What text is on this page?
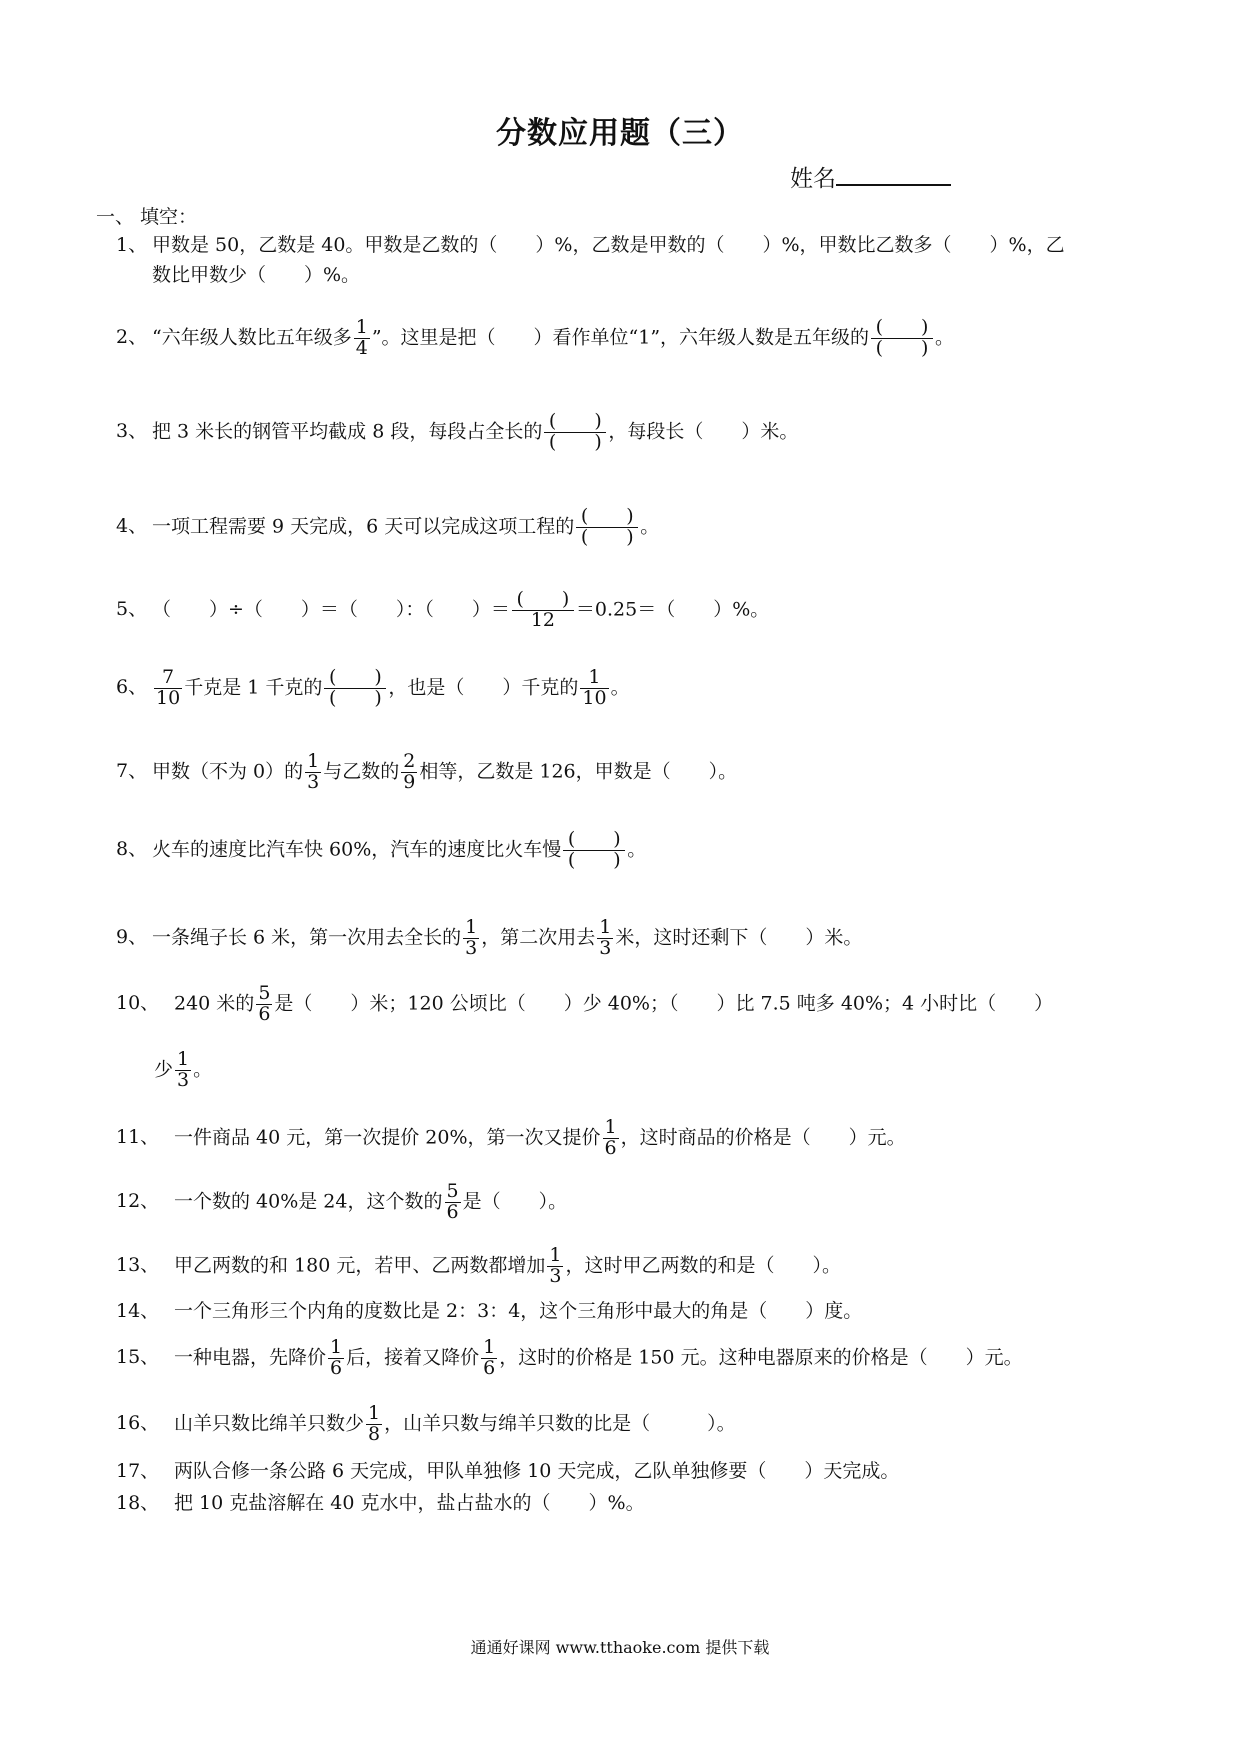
分数应用题（三）
姓名
一、 填空：
1、 甲数是 50，乙数是 40。甲数是乙数的（　　）%，乙数是甲数的（　　）%，甲数比乙数多（　　）%，乙
数比甲数少（　　）%。
2、 “六年级人数比五年级多 $\frac{1}{4}$ ”。这里是把（　　）看作单位“1”，六年级人数是五年级的 $\frac{( )}{( )}$ 。
3、 把 3 米长的钢管平均截成 8 段，每段占全长的 $\frac{( )}{( )}$ ，每段长（　　）米。
4、 一项工程需要 9 天完成，6 天可以完成这项工程的 $\frac{( )}{( )}$ 。
5、 （　　）÷（　　）＝（　　）：（　　）＝ $\frac{( )}{12} =0.25=$（　　）%。
6、 $\frac{7}{10}$ 千克是 1 千克的 $\frac{( )}{( )}$ ，也是（　　）千克的 $\frac{1}{10}$ 。
7、 甲数（不为 0）的 $\frac{1}{3}$ 与乙数的 $\frac{2}{9}$ 相等，乙数是 126，甲数是（　　）。
8、 火车的速度比汽车快 60%，汽车的速度比火车慢 $\frac{( )}{( )}$ 。
9、 一条绳子长 6 米，第一次用去全长的 $\frac{1}{3}$ ，第二次用去 $\frac{1}{3}$ 米，这时还剩下（　　）米。
10、 240 米的 $\frac{5}{6}$ 是（　　）米；120 公顷比（　　）少 40%；（　　）比 7.5 吨多 40%；4 小时比（　　）
少 $\frac{1}{3}$ 。
11、 一件商品 40 元，第一次提价 20%，第一次又提价 $\frac{1}{6}$ ，这时商品的价格是（　　）元。
12、 一个数的 40%是 24，这个数的 $\frac{5}{6}$ 是（　　）。
13、 甲乙两数的和 180 元，若甲、乙两数都增加 $\frac{1}{3}$ ，这时甲乙两数的和是（　　）。
14、 一个三角形三个内角的度数比是 2：3：4，这个三角形中最大的角是（　　）度。
15、 一种电器，先降价 $\frac{1}{6}$ 后，接着又降价 $\frac{1}{6}$ ，这时的价格是 150 元。这种电器原来的价格是（　　）元。
16、 山羊只数比绵羊只数少 $\frac{1}{8}$ ，山羊只数与绵羊只数的比是（　　　）。
17、 两队合修一条公路 6 天完成，甲队单独修 10 天完成，乙队单独修要（　　）天完成。
18、 把 10 克盐溶解在 40 克水中，盐占盐水的（　　）%。
通通好课网 www.tthaoke.com 提供下载
